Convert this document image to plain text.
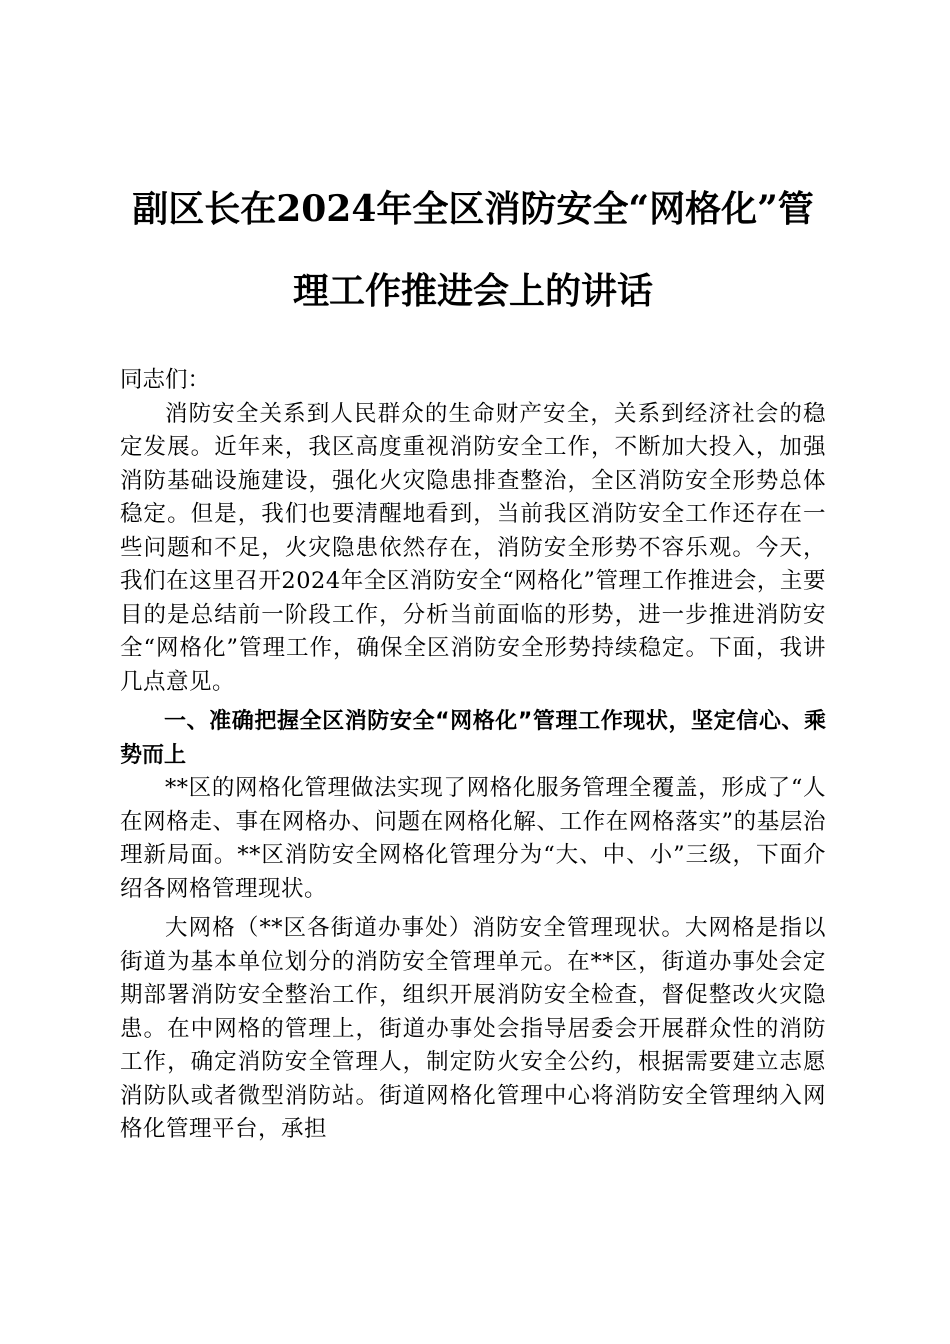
副区长在2024年全区消防安全“网格化”管
理工作推进会上的讲话
同志们：

消防安全关系到人民群众的生命财产安全，关系到经济社会的稳定发展。近年来，我区高度重视消防安全工作，不断加大投入，加强消防基础设施建设，强化火灾隐患排查整治，全区消防安全形势总体稳定。但是，我们也要清醒地看到，当前我区消防安全工作还存在一些问题和不足，火灾隐患依然存在，消防安全形势不容乐观。今天，我们在这里召开2024年全区消防安全“网格化”管理工作推进会，主要目的是总结前一阶段工作，分析当前面临的形势，进一步推进消防安全“网格化”管理工作，确保全区消防安全形势持续稳定。下面，我讲几点意见。

一、准确把握全区消防安全“网格化”管理工作现状，坚定信心、乘势而上

**区的网格化管理做法实现了网格化服务管理全覆盖，形成了“人在网格走、事在网格办、问题在网格化解、工作在网格落实”的基层治理新局面。**区消防安全网格化管理分为“大、中、小”三级，下面介绍各网格管理现状。

大网格（**区各街道办事处）消防安全管理现状。大网格是指以街道为基本单位划分的消防安全管理单元。在**区，街道办事处会定期部署消防安全整治工作，组织开展消防安全检查，督促整改火灾隐患。在中网格的管理上，街道办事处会指导居委会开展群众性的消防工作，确定消防安全管理人，制定防火安全公约，根据需要建立志愿消防队或者微型消防站。街道网格化管理中心将消防安全管理纳入网格化管理平台，承担
